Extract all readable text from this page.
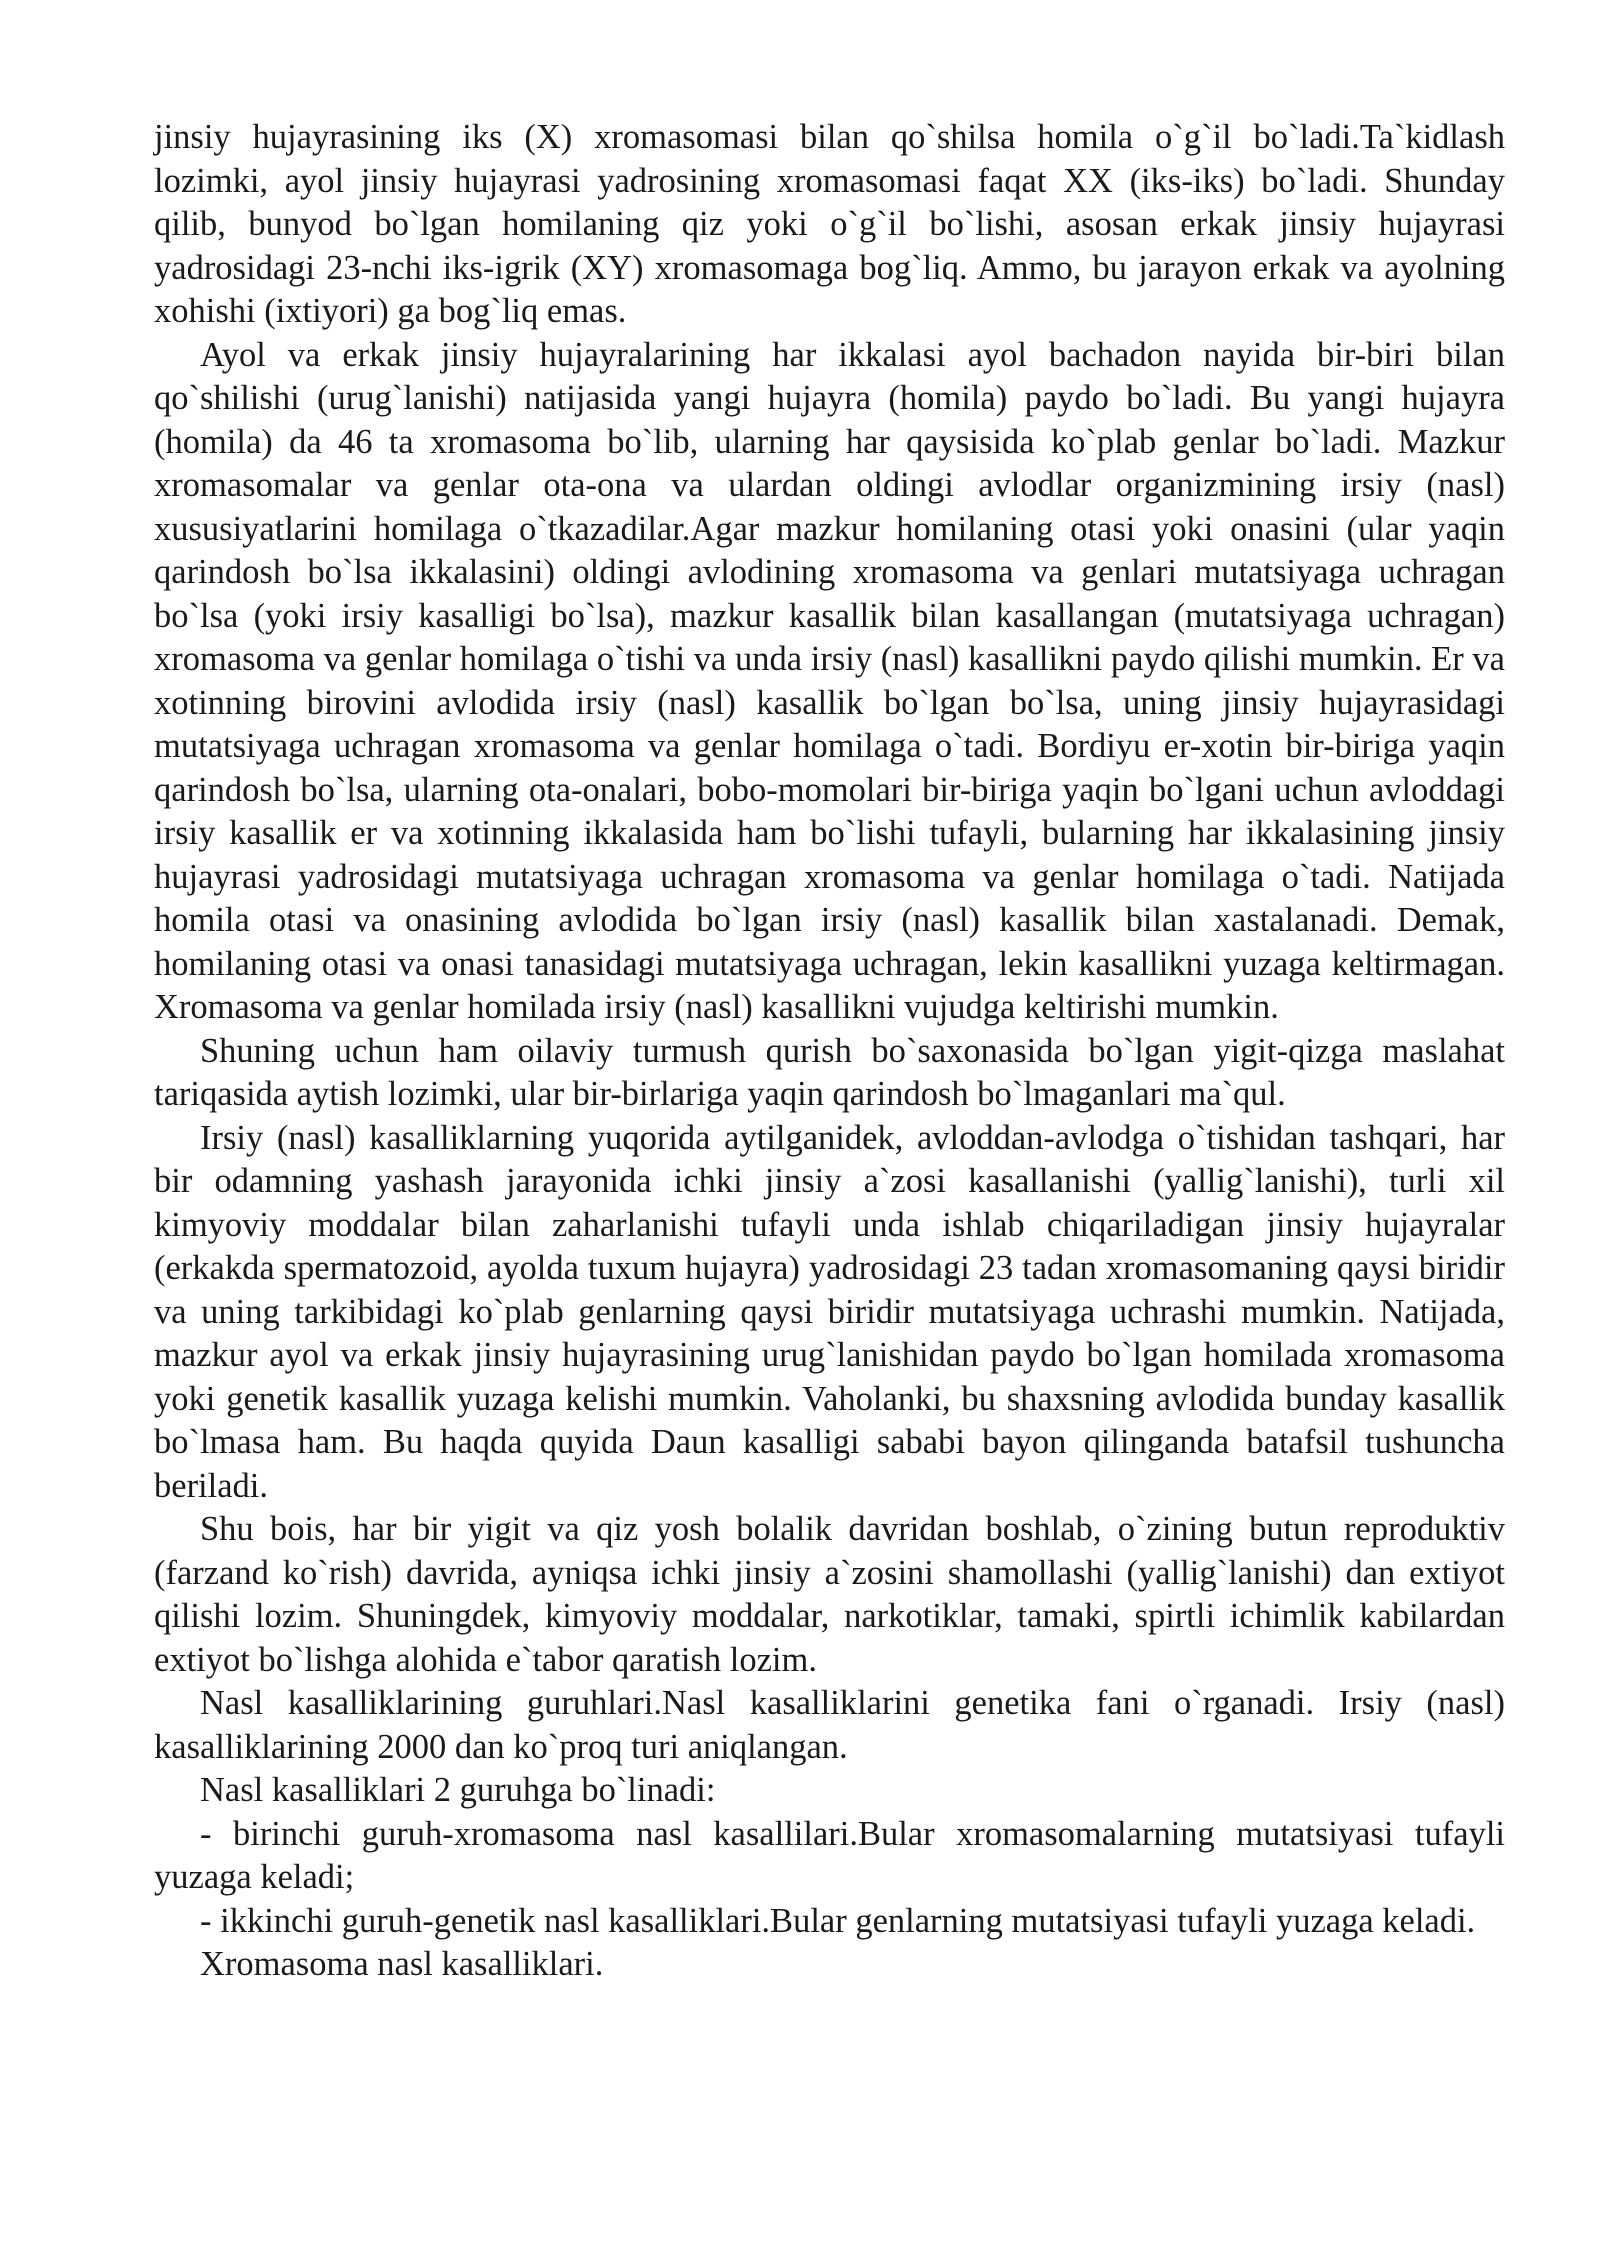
jinsiy hujayrasining iks (X) xromasomasi bilan qo`shilsa homila o`g`il bo`ladi.Ta`kidlash lozimki, ayol jinsiy hujayrasi yadrosining xromasomasi faqat XX (iks-iks) bo`ladi. Shunday qilib, bunyod bo`lgan homilaning qiz yoki o`g`il bo`lishi, asosan erkak jinsiy hujayrasi yadrosidagi 23-nchi iks-igrik (XY) xromasomaga bog`liq. Ammo, bu jarayon erkak va ayolning xohishi (ixtiyori) ga bog`liq emas.

Ayol va erkak jinsiy hujayralarining har ikkalasi ayol bachadon nayida bir-biri bilan qo`shilishi (urug`lanishi) natijasida yangi hujayra (homila) paydo bo`ladi. Bu yangi hujayra (homila) da 46 ta xromasoma bo`lib, ularning har qaysisida ko`plab genlar bo`ladi. Mazkur xromasomalar va genlar ota-ona va ulardan oldingi avlodlar organizmining irsiy (nasl) xususiyatlarini homilaga o`tkazadilar.Agar mazkur homilaning otasi yoki onasini (ular yaqin qarindosh bo`lsa ikkalasini) oldingi avlodining xromasoma va genlari mutatsiyaga uchragan bo`lsa (yoki irsiy kasalligi bo`lsa), mazkur kasallik bilan kasallangan (mutatsiyaga uchragan) xromasoma va genlar homilaga o`tishi va unda irsiy (nasl) kasallikni paydo qilishi mumkin. Er va xotinning birovini avlodida irsiy (nasl) kasallik bo`lgan bo`lsa, uning jinsiy hujayrasidagi mutatsiyaga uchragan xromasoma va genlar homilaga o`tadi. Bordiyu er-xotin bir-biriga yaqin qarindosh bo`lsa, ularning ota-onalari, bobo-momolari bir-biriga yaqin bo`lgani uchun avloddagi irsiy kasallik er va xotinning ikkalasida ham bo`lishi tufayli, bularning har ikkalasining jinsiy hujayrasi yadrosidagi mutatsiyaga uchragan xromasoma va genlar homilaga o`tadi. Natijada homila otasi va onasining avlodida bo`lgan irsiy (nasl) kasallik bilan xastalanadi. Demak, homilaning otasi va onasi tanasidagi mutatsiyaga uchragan, lekin kasallikni yuzaga keltirmagan. Xromasoma va genlar homilada irsiy (nasl) kasallikni vujudga keltirishi mumkin.

Shuning uchun ham oilaviy turmush qurish bo`saxonasida bo`lgan yigit-qizga maslahat tariqasida aytish lozimki, ular bir-birlariga yaqin qarindosh bo`lmaganlari ma`qul.

Irsiy (nasl) kasalliklarning yuqorida aytilganidek, avloddan-avlodga o`tishidan tashqari, har bir odamning yashash jarayonida ichki jinsiy a`zosi kasallanishi (yallig`lanishi), turli xil kimyoviy moddalar bilan zaharlanishi tufayli unda ishlab chiqariladigan jinsiy hujayralar (erkakda spermatozoid, ayolda tuxum hujayra) yadrosidagi 23 tadan xromasomaning qaysi biridir va uning tarkibidagi ko`plab genlarning qaysi biridir mutatsiyaga uchrashi mumkin. Natijada, mazkur ayol va erkak jinsiy hujayrasining urug`lanishidan paydo bo`lgan homilada xromasoma yoki genetik kasallik yuzaga kelishi mumkin. Vaholanki, bu shaxsning avlodida bunday kasallik bo`lmasa ham. Bu haqda quyida Daun kasalligi sababi bayon qilinganda batafsil tushuncha beriladi.

Shu bois, har bir yigit va qiz yosh bolalik davridan boshlab, o`zining butun reproduktiv (farzand ko`rish) davrida, ayniqsa ichki jinsiy a`zosini shamollashi (yallig`lanishi) dan extiyot qilishi lozim. Shuningdek, kimyoviy moddalar, narkotiklar, tamaki, spirtli ichimlik kabilardan extiyot bo`lishga alohida e`tabor qaratish lozim.

Nasl kasalliklarining guruhlari.Nasl kasalliklarini genetika fani o`rganadi. Irsiy (nasl) kasalliklarining 2000 dan ko`proq turi aniqlangan.

Nasl kasalliklari 2 guruhga bo`linadi:

- birinchi guruh-xromasoma nasl kasallilari.Bular xromasomalarning mutatsiyasi tufayli yuzaga keladi;

- ikkinchi guruh-genetik nasl kasalliklari.Bular genlarning mutatsiyasi tufayli yuzaga keladi.

Xromasoma nasl kasalliklari.
